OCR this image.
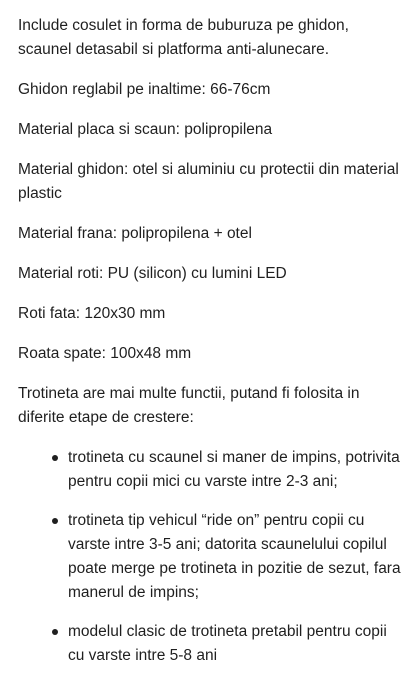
Include cosulet in forma de buburuza pe ghidon, scaunel detasabil si platforma anti-alunecare.

Ghidon reglabil pe inaltime: 66-76cm

Material placa si scaun: polipropilena

Material ghidon: otel si aluminiu cu protectii din material plastic

Material frana: polipropilena + otel

Material roti: PU (silicon) cu lumini LED

Roti fata: 120x30 mm

Roata spate: 100x48 mm

Trotineta are mai multe functii, putand fi folosita in diferite etape de crestere:

trotineta cu scaunel si maner de impins, potrivita pentru copii mici cu varste intre 2-3 ani;
trotineta tip vehicul “ride on” pentru copii cu varste intre 3-5 ani; datorita scaunelului copilul poate merge pe trotineta in pozitie de sezut, fara manerul de impins;
modelul clasic de trotineta pretabil pentru copii cu varste intre 5-8 ani
